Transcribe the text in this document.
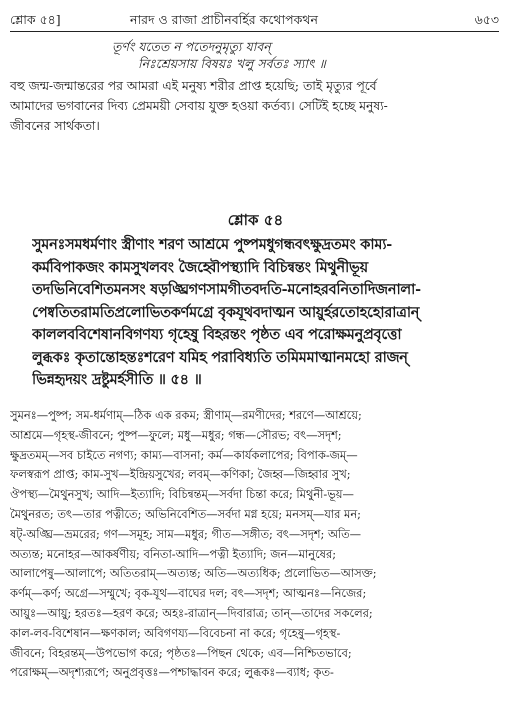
শ্লোক ৫৪]	নারদ ও রাজা প্রাচীনবর্হির কথোপকথন	৬৫৩
তূর্ণং যতেত ন পতেদনুমৃত্যু যাবন্
নিঃশ্রেয়সায় বিষয়ঃ খলু সর্বতঃ স্যাৎ ॥
বহু জন্ম-জন্মান্তরের পর আমরা এই মনুষ্য শরীর প্রাপ্ত হয়েছি; তাই মৃত্যুর পূর্বে
আমাদের ভগবানের দিব্য প্রেমময়ী সেবায় যুক্ত হওয়া কর্তব্য। সেটিই হচ্ছে মনুষ্য-
জীবনের সার্থকতা।
শ্লোক ৫৪
সুমনঃসমধর্মণাং স্ত্রীণাং শরণ আশ্রমে পুষ্পমধুগন্ধবৎক্ষুদ্রতমং কাম্য-
কর্মবিপাকজং কামসুখলবং জৈহ্বৌপস্থ্যাদি বিচিন্বন্তং মিথুনীভূয়
তদভিনিবেশিতমনসং ষড়ঙ্ঘ্রিগণসামগীতবদতি-মনোহরবনিতাদিজনালা-
পেষ্বতিতরামতিপ্রলোভিতকর্ণমগ্রে বৃকযূথবদাত্মন আয়ুর্হরতোহহোরাত্রান্
কাললববিশেষানবিগণয্য গৃহেষু বিহরন্তং পৃষ্ঠত এব পরোক্ষমনুপ্রবৃত্তো
লুব্ধকঃ কৃতান্তোহন্তঃশরেণ যমিহ পরাবিধ্যতি তমিমমাত্মানমহো রাজন্
ভিন্নহৃদয়ং দ্রষ্টুমর্হসীতি ॥ ৫৪ ॥
সুমনঃ—পুষ্প; সম-ধর্মণাম্—ঠিক এক রকম; স্ত্রীণাম্—রমণীদের; শরণে—আশ্রয়ে;
আশ্রমে—গৃহস্থ-জীবনে; পুষ্প—ফুলে; মধু—মধুর; গন্ধ—সৌরভ; বৎ—সদৃশ;
ক্ষুদ্রতমম্—সব চাইতে নগণ্য; কাম্য—বাসনা; কর্ম—কার্যকলাপের; বিপাক-জম্—
ফলস্বরূপ প্রাপ্ত; কাম-সুখ—ইন্দ্রিয়সুখের; লবম্—কণিকা; জৈহ্ব—জিহ্বার সুখ;
ঔপস্থ্য—মৈথুনসুখ; আদি—ইত্যাদি; বিচিন্বন্তম্—সর্বদা চিন্তা করে; মিথুনী-ভূয়—
মৈথুনরত; তৎ—তার পত্নীতে; অভিনিবেশিত—সর্বদা মগ্ন হয়ে; মনসম্—যার মন;
ষট্-অঙ্ঘ্রি—ভ্রমরের; গণ—সমূহ; সাম—মধুর; গীত—সঙ্গীত; বৎ—সদৃশ; অতি—
অত্যন্ত; মনোহর—আকর্ষণীয়; বনিতা-আদি—পত্নী ইত্যাদি; জন—মানুষের;
আলাপেষু—আলাপে; অতিতরাম্—অত্যন্ত; অতি—অত্যধিক; প্রলোভিত—আসক্ত;
কর্ণম্—কর্ণ; অগ্রে—সম্মুখে; বৃক-যূথ—বাঘের দল; বৎ—সদৃশ; আত্মনঃ—নিজের;
আয়ুঃ—আয়ু; হরতঃ—হরণ করে; অহঃ-রাত্রান্—দিবারাত্র; তান্—তাদের সকলের;
কাল-লব-বিশেষান—ক্ষণকাল; অবিগণয্য—বিবেচনা না করে; গৃহেষু—গৃহস্থ-
জীবনে; বিহরন্তম্—উপভোগ করে; পৃষ্ঠতঃ—পিছন থেকে; এব—নিশ্চিতভাবে;
পরোক্ষম্—অদৃশ্যরূপে; অনুপ্রবৃত্তঃ—পশ্চাদ্ধাবন করে; লুব্ধকঃ—ব্যাধ; কৃত-
